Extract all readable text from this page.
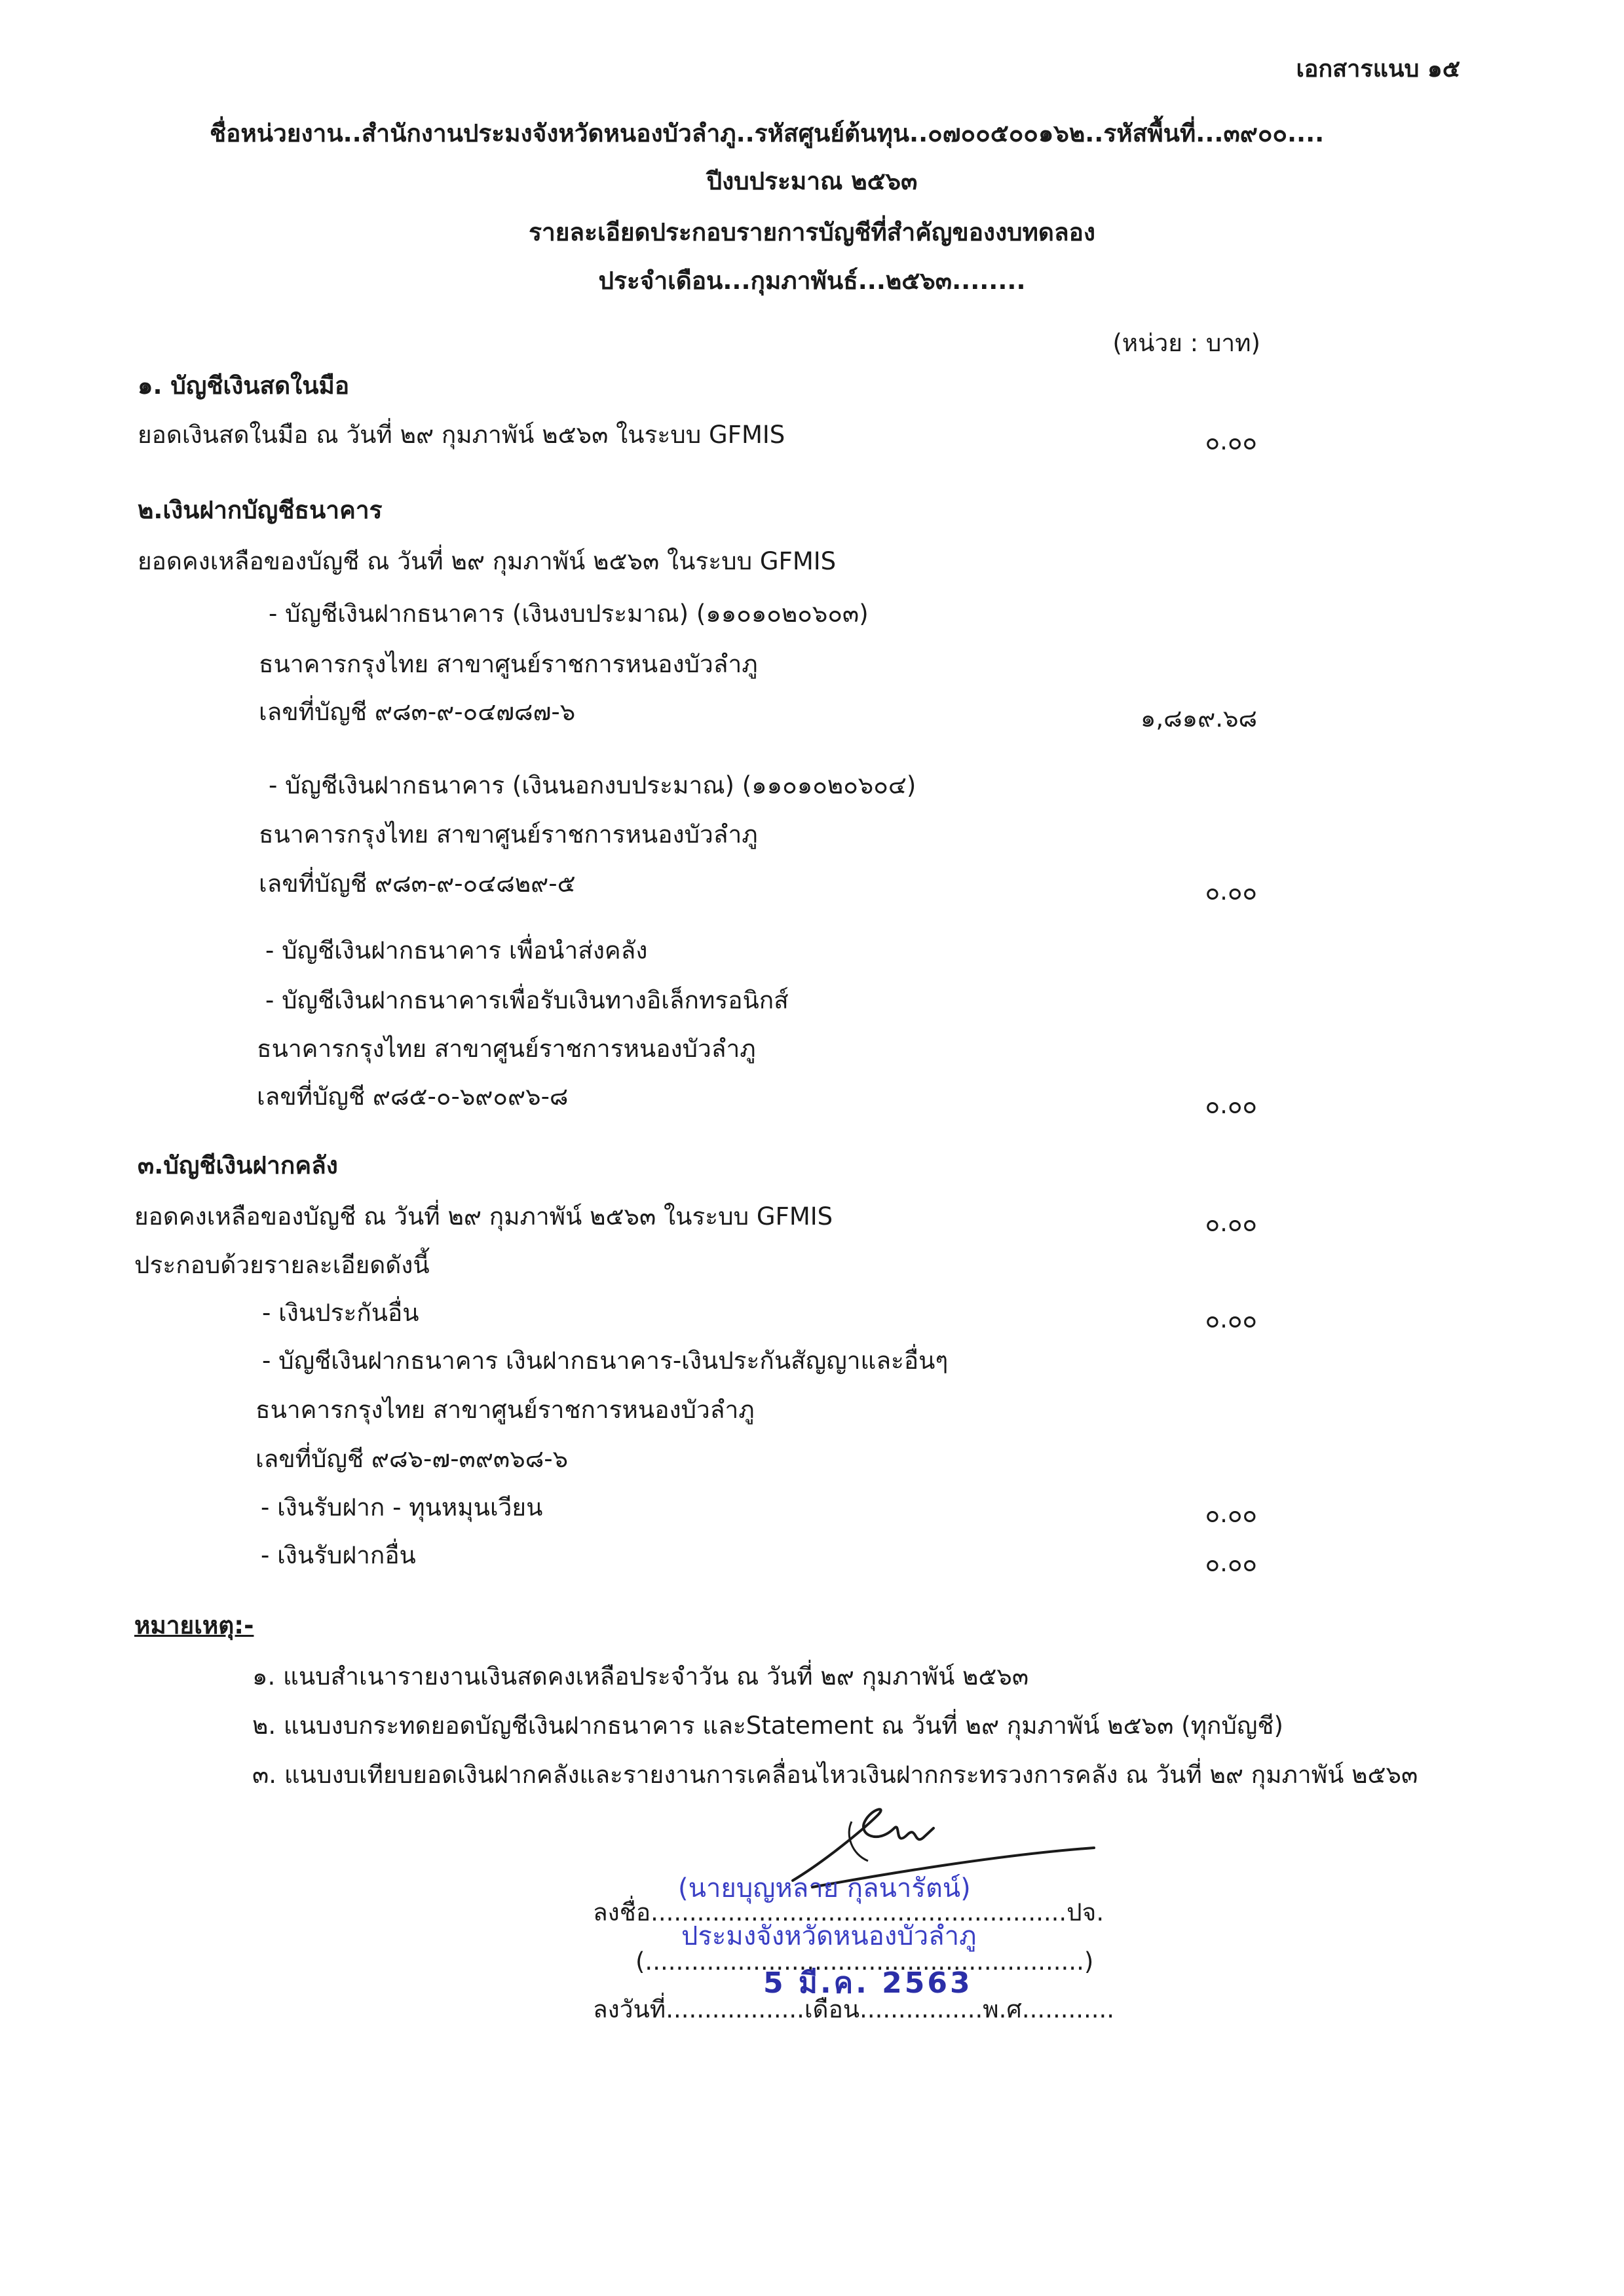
เอกสารแนบ ๑๕
ชื่อหน่วยงาน..สำนักงานประมงจังหวัดหนองบัวลำภู..รหัสศูนย์ต้นทุน..๐๗๐๐๕๐๐๑๖๒..รหัสพื้นที่...๓๙๐๐....
ปีงบประมาณ ๒๕๖๓
รายละเอียดประกอบรายการบัญชีที่สำคัญของงบทดลอง
ประจำเดือน...กุมภาพันธ์...๒๕๖๓........
(หน่วย : บาท)
๑. บัญชีเงินสดในมือ
ยอดเงินสดในมือ ณ วันที่ ๒๙ กุมภาพัน์ ๒๕๖๓ ในระบบ GFMIS	๐.๐๐
๒.เงินฝากบัญชีธนาคาร
ยอดคงเหลือของบัญชี ณ วันที่ ๒๙ กุมภาพัน์ ๒๕๖๓ ในระบบ GFMIS
- บัญชีเงินฝากธนาคาร (เงินงบประมาณ) (๑๑๐๑๐๒๐๖๐๓)
ธนาคารกรุงไทย สาขาศูนย์ราชการหนองบัวลำภู
เลขที่บัญชี ๙๘๓-๙-๐๔๗๘๗-๖	๑,๘๑๙.๖๘
- บัญชีเงินฝากธนาคาร (เงินนอกงบประมาณ) (๑๑๐๑๐๒๐๖๐๔)
ธนาคารกรุงไทย สาขาศูนย์ราชการหนองบัวลำภู
เลขที่บัญชี ๙๘๓-๙-๐๔๘๒๙-๕	๐.๐๐
- บัญชีเงินฝากธนาคาร เพื่อนำส่งคลัง
- บัญชีเงินฝากธนาคารเพื่อรับเงินทางอิเล็กทรอนิกส์
ธนาคารกรุงไทย สาขาศูนย์ราชการหนองบัวลำภู
เลขที่บัญชี ๙๘๕-๐-๖๙๐๙๖-๘	๐.๐๐
๓.บัญชีเงินฝากคลัง
ยอดคงเหลือของบัญชี ณ วันที่ ๒๙ กุมภาพัน์ ๒๕๖๓ ในระบบ GFMIS	๐.๐๐
ประกอบด้วยรายละเอียดดังนี้
- เงินประกันอื่น	๐.๐๐
- บัญชีเงินฝากธนาคาร เงินฝากธนาคาร-เงินประกันสัญญาและอื่นๆ
ธนาคารกรุงไทย สาขาศูนย์ราชการหนองบัวลำภู
เลขที่บัญชี ๙๘๖-๗-๓๙๓๖๘-๖
- เงินรับฝาก - ทุนหมุนเวียน	๐.๐๐
- เงินรับฝากอื่น	๐.๐๐
หมายเหตุ:-
๑. แนบสำเนารายงานเงินสดคงเหลือประจำวัน ณ วันที่ ๒๙ กุมภาพัน์ ๒๕๖๓
๒. แนบงบกระทดยอดบัญชีเงินฝากธนาคาร และStatement ณ วันที่ ๒๙ กุมภาพัน์ ๒๕๖๓ (ทุกบัญชี)
๓. แนบงบเทียบยอดเงินฝากคลังและรายงานการเคลื่อนไหวเงินฝากกระทรวงการคลัง ณ วันที่ ๒๙ กุมภาพัน์ ๒๕๖๓
ลงชื่อ......................................................ปจ.
(นายบุญหลาย กุลนารัตน์)
(.........................................................)
ประมงจังหวัดหนองบัวลำภู
ลงวันที่..................เดือน................พ.ศ............
5 มี.ค. 2563
